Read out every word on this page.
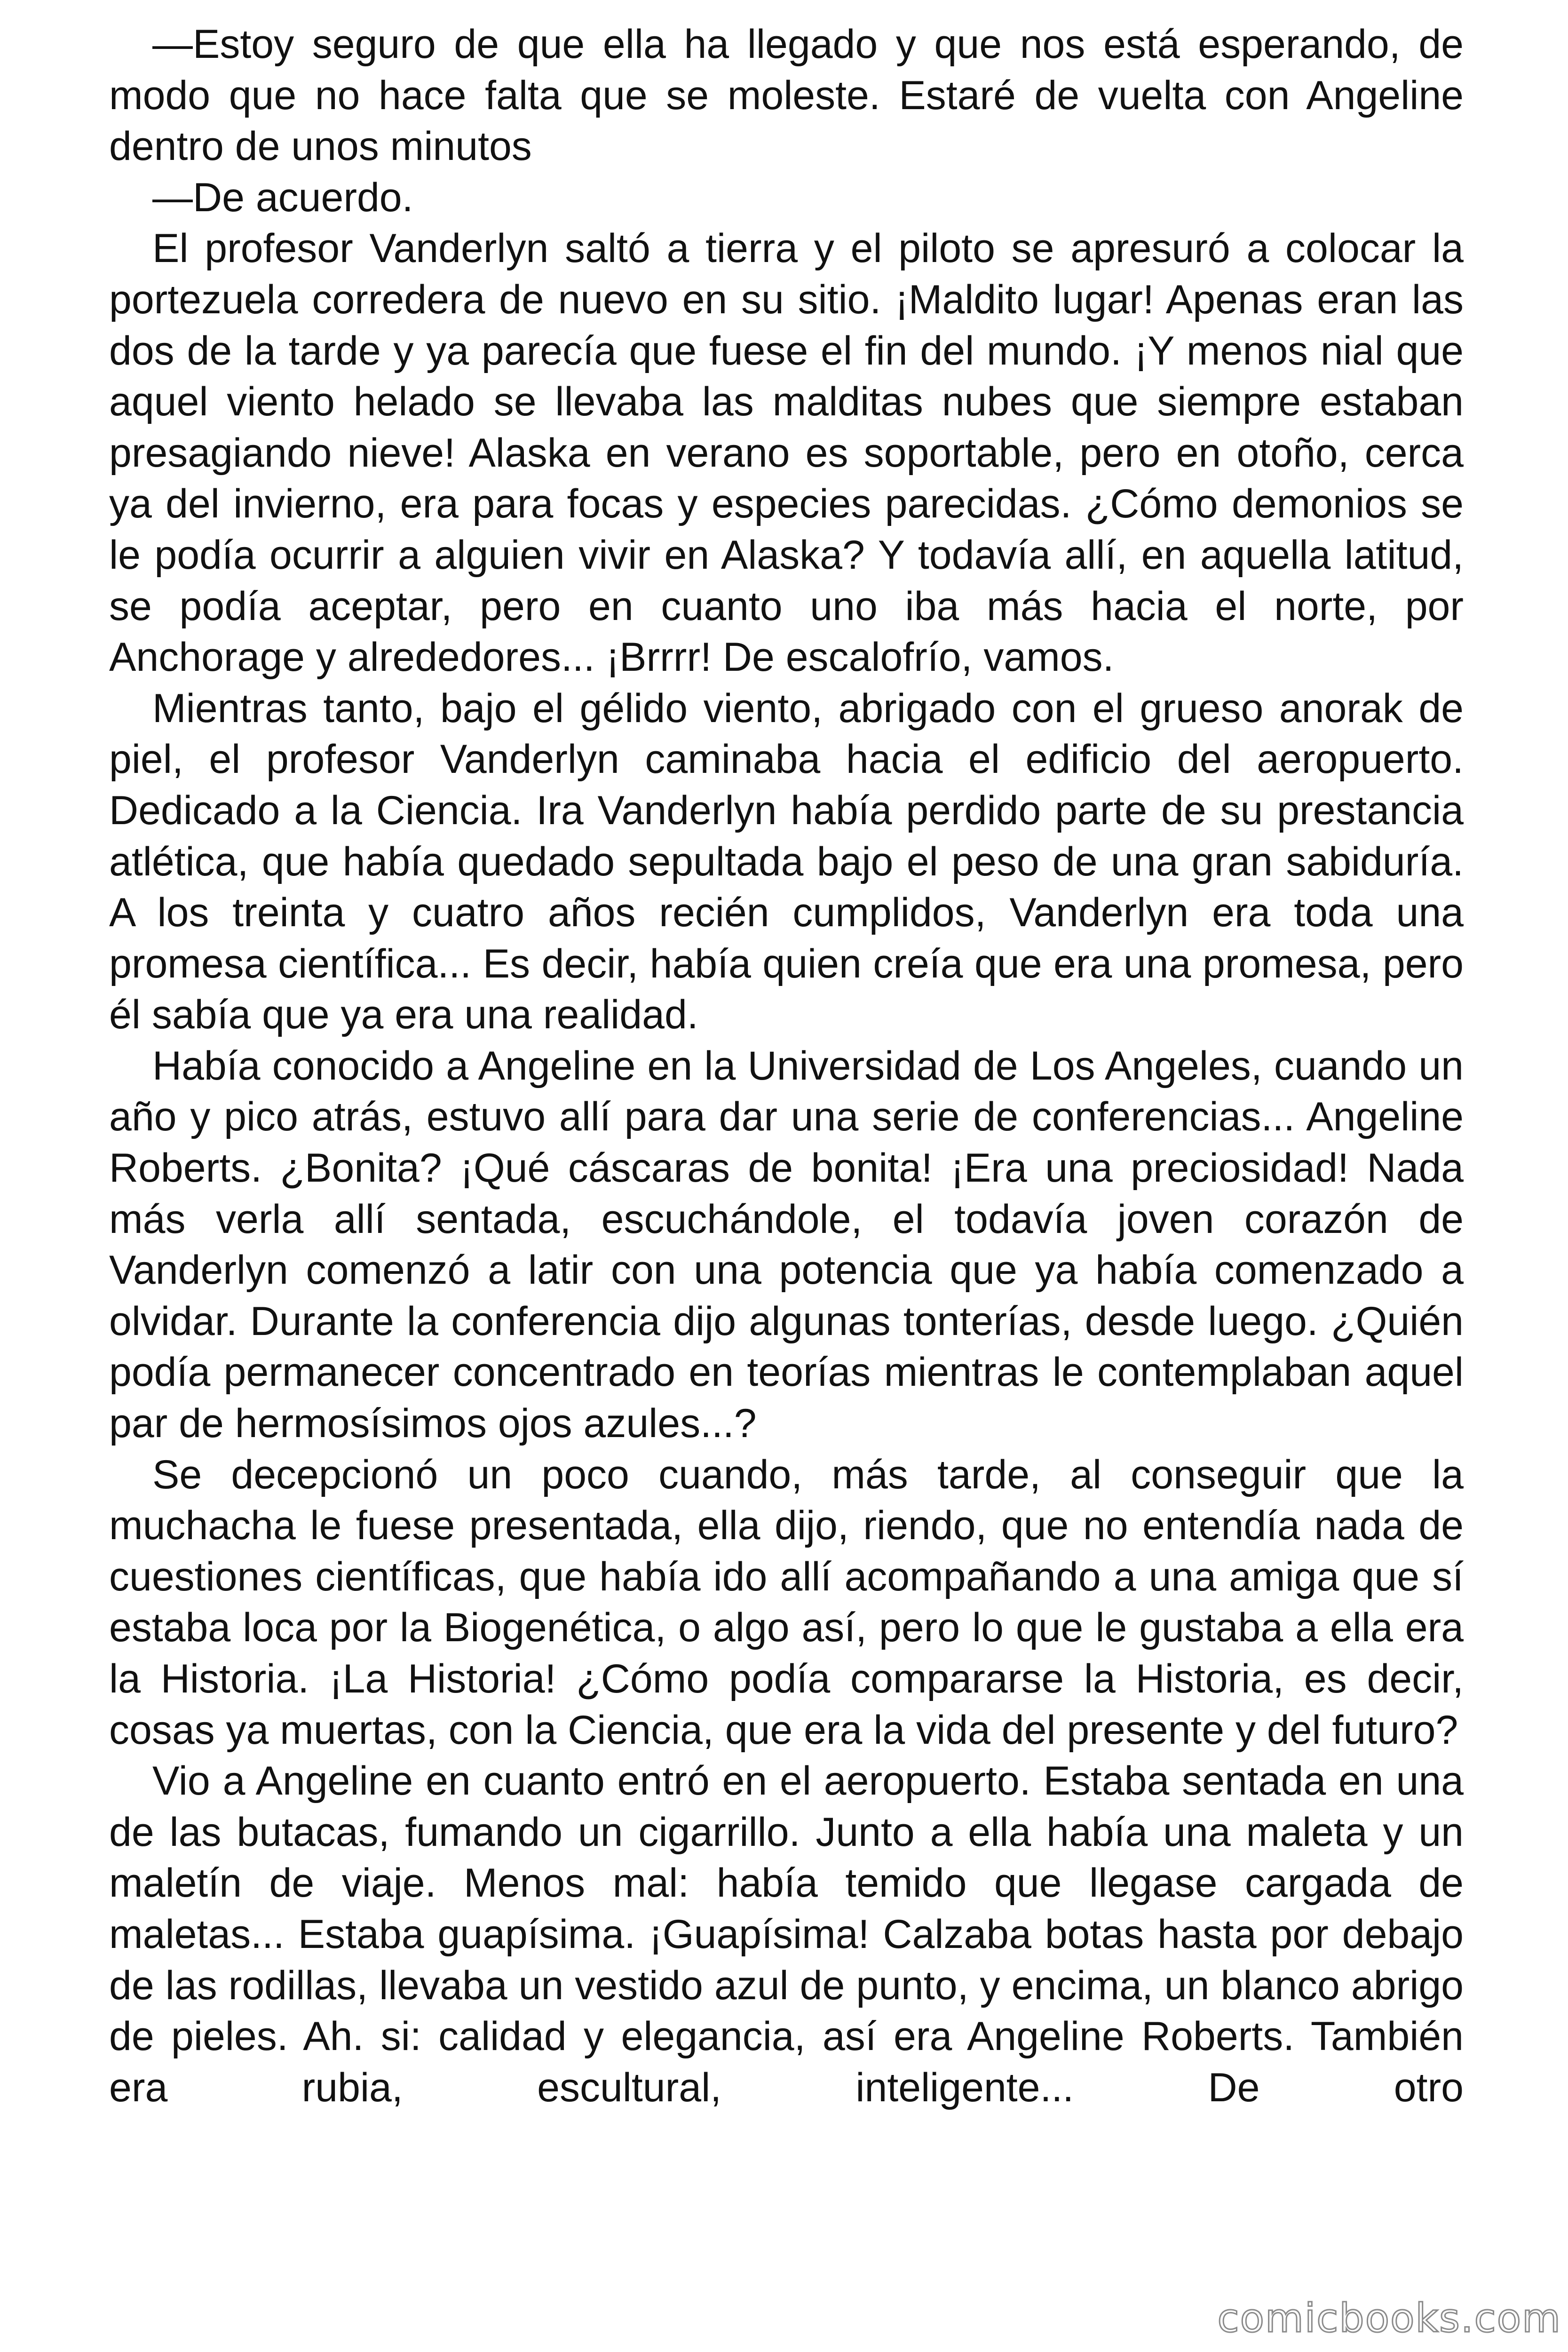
—Estoy seguro de que ella ha llegado y que nos está esperando, de modo que no hace falta que se moleste. Estaré de vuelta con Angeline dentro de unos minutos

—De acuerdo.

El profesor Vanderlyn saltó a tierra y el piloto se apresuró a colocar la portezuela corredera de nuevo en su sitio. ¡Maldito lugar! Apenas eran las dos de la tarde y ya parecía que fuese el fin del mundo. ¡Y menos nial que aquel viento helado se llevaba las malditas nubes que siempre estaban presagiando nieve! Alaska en verano es soportable, pero en otoño, cerca ya del invierno, era para focas y especies parecidas. ¿Cómo demonios se le podía ocurrir a alguien vivir en Alaska? Y todavía allí, en aquella latitud, se podía aceptar, pero en cuanto uno iba más hacia el norte, por Anchorage y alrededores... ¡Brrrr! De escalofrío, vamos.

Mientras tanto, bajo el gélido viento, abrigado con el grueso anorak de piel, el profesor Vanderlyn caminaba hacia el edificio del aeropuerto. Dedicado a la Ciencia. Ira Vanderlyn había perdido parte de su prestancia atlética, que había quedado sepultada bajo el peso de una gran sabiduría. A los treinta y cuatro años recién cumplidos, Vanderlyn era toda una promesa científica... Es decir, había quien creía que era una promesa, pero él sabía que ya era una realidad.

Había conocido a Angeline en la Universidad de Los Angeles, cuando un año y pico atrás, estuvo allí para dar una serie de conferencias... Angeline Roberts. ¿Bonita? ¡Qué cáscaras de bonita! ¡Era una preciosidad! Nada más verla allí sentada, escuchándole, el todavía joven corazón de Vanderlyn comenzó a latir con una potencia que ya había comenzado a olvidar. Durante la conferencia dijo algunas tonterías, desde luego. ¿Quién podía permanecer concentrado en teorías mientras le contemplaban aquel par de hermosísimos ojos azules...?

Se decepcionó un poco cuando, más tarde, al conseguir que la muchacha le fuese presentada, ella dijo, riendo, que no entendía nada de cuestiones científicas, que había ido allí acompañando a una amiga que sí estaba loca por la Biogenética, o algo así, pero lo que le gustaba a ella era la Historia. ¡La Historia! ¿Cómo podía compararse la Historia, es decir, cosas ya muertas, con la Ciencia, que era la vida del presente y del futuro?

Vio a Angeline en cuanto entró en el aeropuerto. Estaba sentada en una de las butacas, fumando un cigarrillo. Junto a ella había una maleta y un maletín de viaje. Menos mal: había temido que llegase cargada de maletas... Estaba guapísima. ¡Guapísima! Calzaba botas hasta por debajo de las rodillas, llevaba un vestido azul de punto, y encima, un blanco abrigo de pieles. Ah. si: calidad y elegancia, así era Angeline Roberts. También era rubia, escultural, inteligente... De otro

comicbooks.com
